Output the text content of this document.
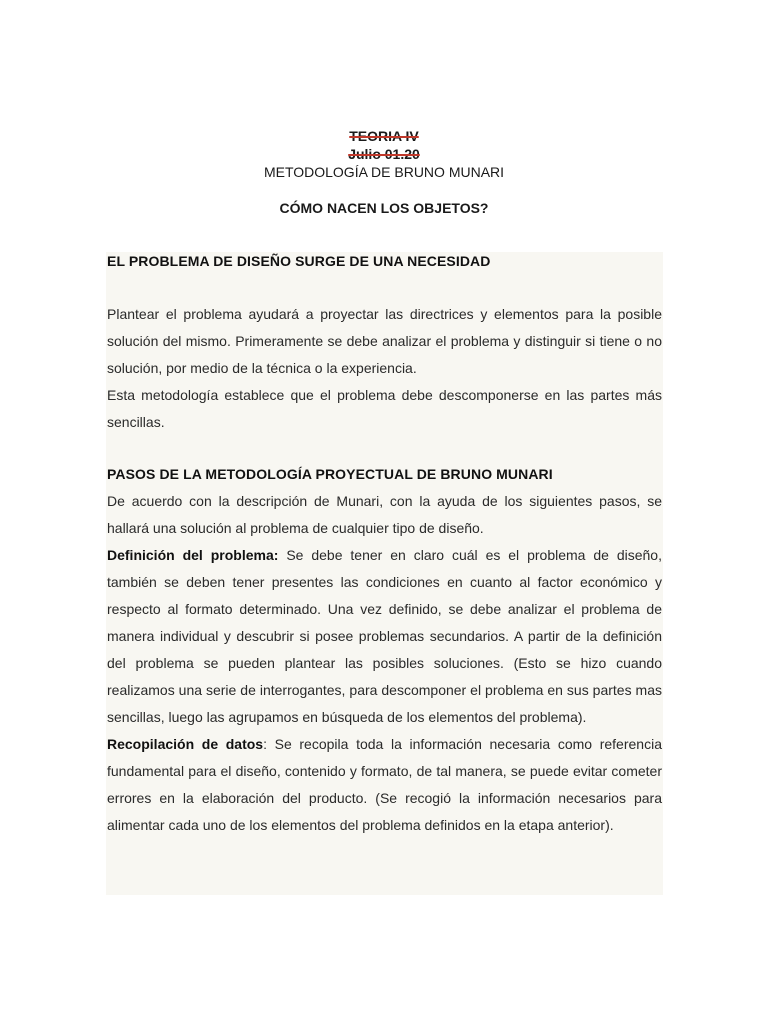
TEORIA IV
Julio 01.20
METODOLOGÍA DE BRUNO MUNARI
CÓMO NACEN LOS OBJETOS?
EL PROBLEMA DE DISEÑO SURGE DE UNA NECESIDAD
Plantear el problema ayudará a proyectar las directrices y elementos para la posible solución del mismo. Primeramente se debe analizar el problema y distinguir si tiene o no solución, por medio de la técnica o la experiencia.
Esta metodología establece que el problema debe descomponerse en las partes más sencillas.
PASOS DE LA METODOLOGÍA PROYECTUAL DE BRUNO MUNARI
De acuerdo con la descripción de Munari, con la ayuda de los siguientes pasos, se hallará una solución al problema de cualquier tipo de diseño.
Definición del problema: Se debe tener en claro cuál es el problema de diseño, también se deben tener presentes las condiciones en cuanto al factor económico y respecto al formato determinado. Una vez definido, se debe analizar el problema de manera individual y descubrir si posee problemas secundarios. A partir de la definición del problema se pueden plantear las posibles soluciones. (Esto se hizo cuando realizamos una serie de interrogantes, para descomponer el problema en sus partes mas sencillas, luego las agrupamos en búsqueda de los elementos del problema).
Recopilación de datos: Se recopila toda la información necesaria como referencia fundamental para el diseño, contenido y formato, de tal manera, se puede evitar cometer errores en la elaboración del producto. (Se recogió la información necesarios para alimentar cada uno de los elementos del problema definidos en la etapa anterior).
